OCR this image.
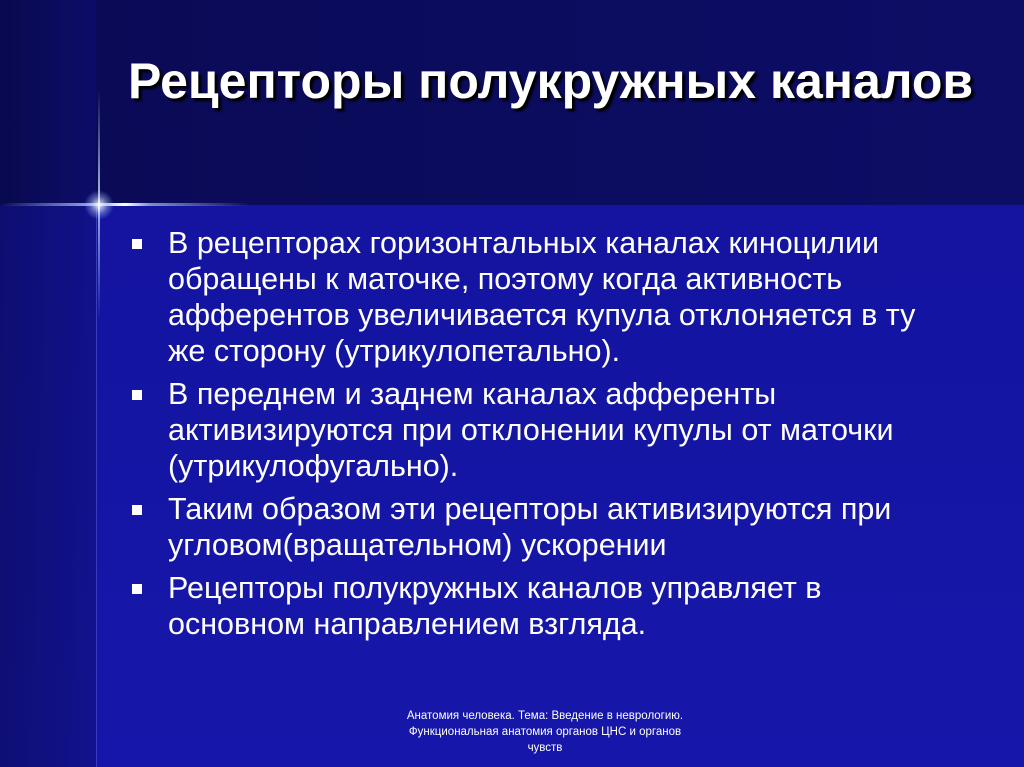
Рецепторы полукружных каналов
В рецепторах горизонтальных каналах киноцилии обращены к маточке, поэтому когда активность афферентов увеличивается купула отклоняется в ту же сторону (утрикулопетально).
В переднем и заднем каналах афференты активизируются при отклонении купулы от маточки (утрикулофугально).
Таким образом эти рецепторы активизируются при угловом(вращательном) ускорении
Рецепторы полукружных каналов управляет в основном направлением взгляда.
Анатомия человека. Тема: Введение в неврологию. Функциональная анатомия органов ЦНС и органов чувств
